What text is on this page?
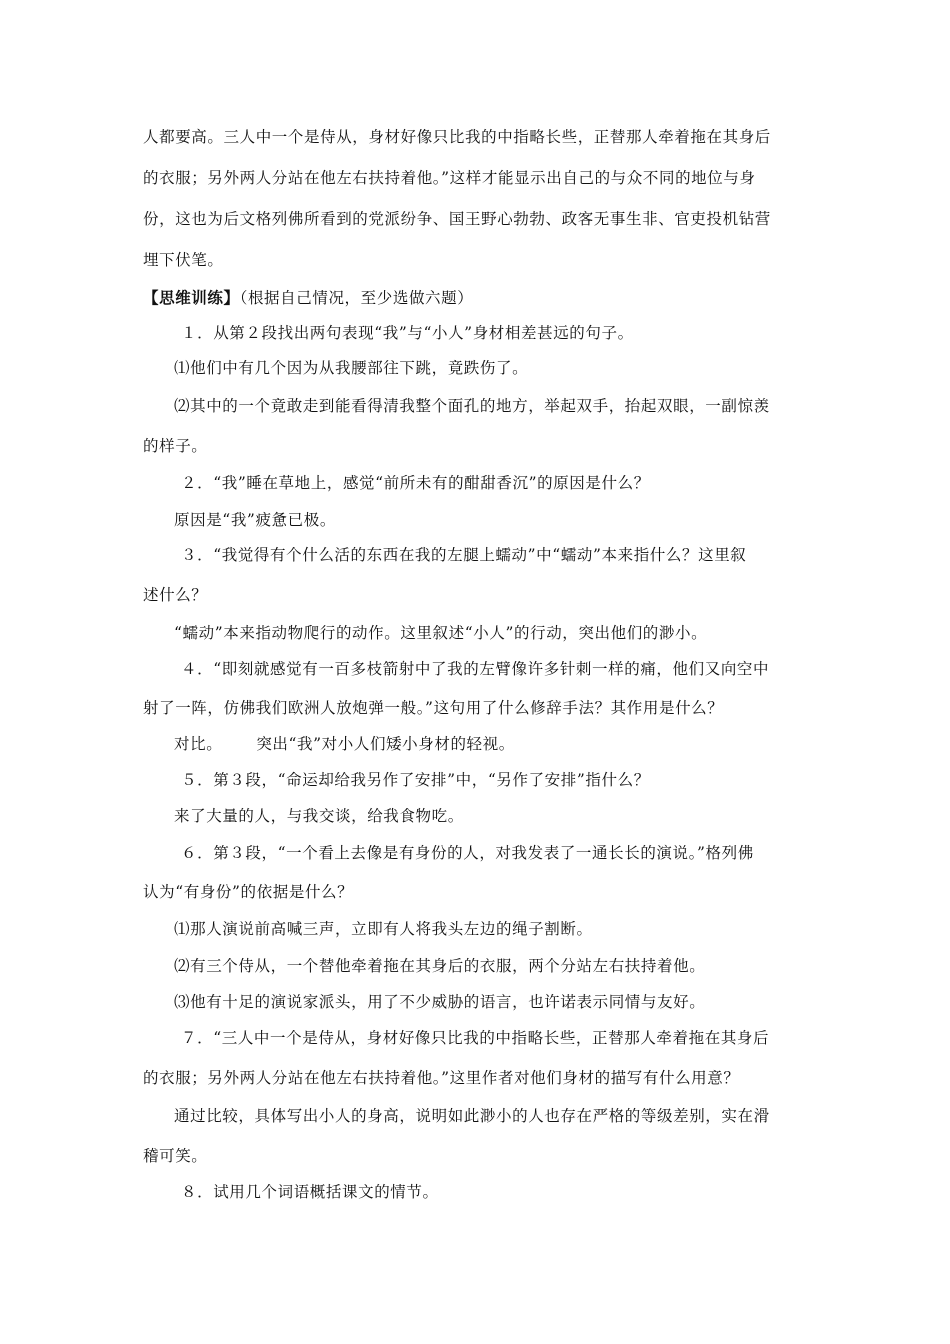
人都要高。三人中一个是侍从，身材好像只比我的中指略长些，正替那人牵着拖在其身后
的衣服；另外两人分站在他左右扶持着他。”这样才能显示出自己的与众不同的地位与身
份，这也为后文格列佛所看到的党派纷争、国王野心勃勃、政客无事生非、官吏投机钻营
埋下伏笔。
【思维训练】（根据自己情况，至少选做六题）
１．从第２段找出两句表现“我”与“小人”身材相差甚远的句子。
⑴他们中有几个因为从我腰部往下跳，竟跌伤了。
⑵其中的一个竟敢走到能看得清我整个面孔的地方，举起双手，抬起双眼，一副惊羡
的样子。
２．“我”睡在草地上，感觉“前所未有的酣甜香沉”的原因是什么？
原因是“我”疲惫已极。
３．“我觉得有个什么活的东西在我的左腿上蠕动”中“蠕动”本来指什么？这里叙
述什么？
“蠕动”本来指动物爬行的动作。这里叙述“小人”的行动，突出他们的渺小。
４．“即刻就感觉有一百多枝箭射中了我的左臂像许多针刺一样的痛，他们又向空中
射了一阵，仿佛我们欧洲人放炮弹一般。”这句用了什么修辞手法？其作用是什么？
对比。 突出“我”对小人们矮小身材的轻视。
５．第３段，“命运却给我另作了安排”中，“另作了安排”指什么？
来了大量的人，与我交谈，给我食物吃。
６．第３段，“一个看上去像是有身份的人，对我发表了一通长长的演说。”格列佛
认为“有身份”的依据是什么？
⑴那人演说前高喊三声，立即有人将我头左边的绳子割断。
⑵有三个侍从，一个替他牵着拖在其身后的衣服，两个分站左右扶持着他。
⑶他有十足的演说家派头，用了不少威胁的语言，也许诺表示同情与友好。
７．“三人中一个是侍从，身材好像只比我的中指略长些，正替那人牵着拖在其身后
的衣服；另外两人分站在他左右扶持着他。”这里作者对他们身材的描写有什么用意？
通过比较，具体写出小人的身高，说明如此渺小的人也存在严格的等级差别，实在滑
稽可笑。
８．试用几个词语概括课文的情节。
